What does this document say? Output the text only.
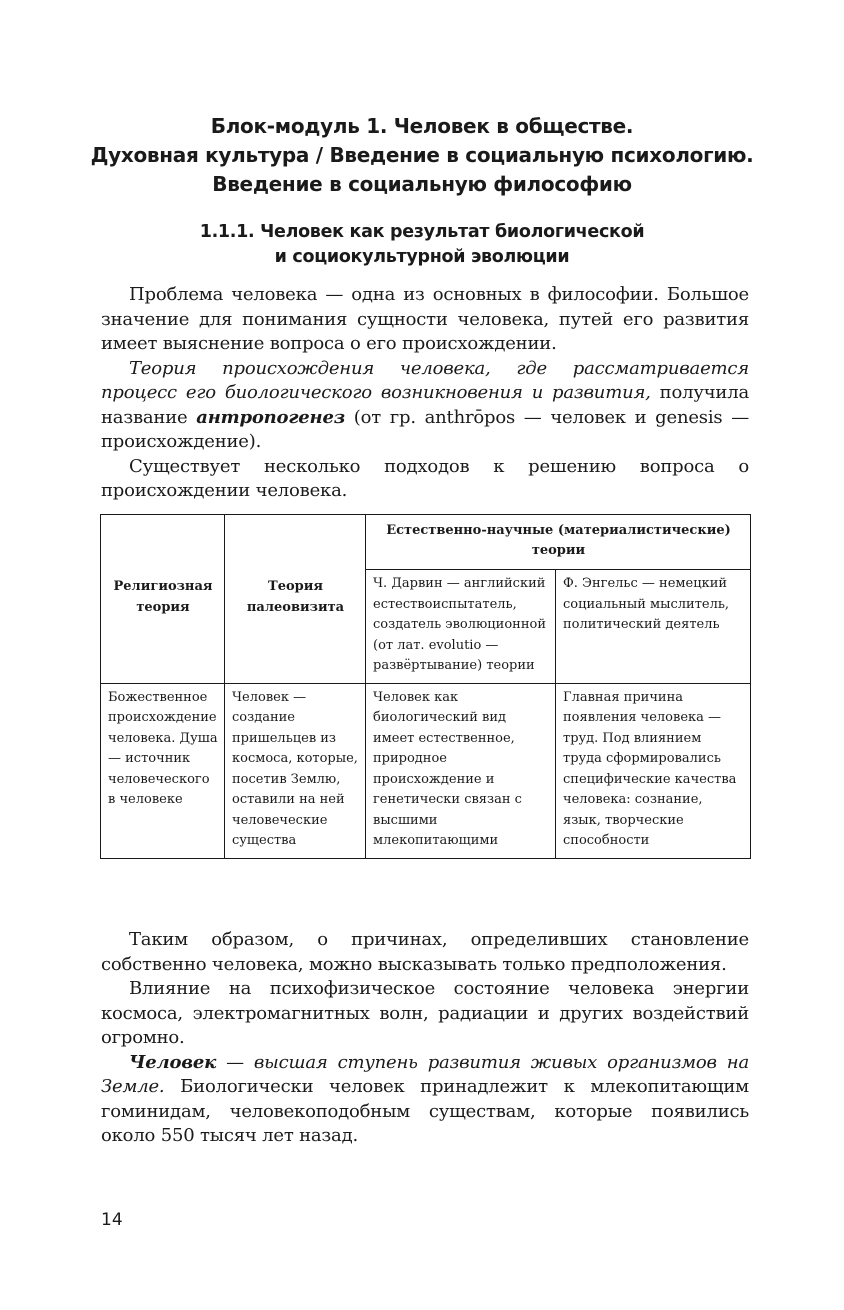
Блок-модуль 1. Человек в обществе.
Духовная культура / Введение в социальную психологию.
Введение в социальную философию
1.1.1. Человек как результат биологической
и социокультурной эволюции

Проблема человека — одна из основных в философии. Большое значение для понимания сущности человека, путей его развития имеет выяснение вопроса о его происхождении.

Теория происхождения человека, где рассматривается процесс его биологического возникновения и развития, получила название антропогенез (от гр. anthrōpos — человек и genesis — происхождение).

Существует несколько подходов к решению вопроса о происхождении человека.

Религиозная теория	Теория палеовизита	Естественно-научные (материалистические) теории	
		Ч. Дарвин — английский естествоиспытатель, создатель эволюционной (от лат. evolutio — развёртывание) теории	Ф. Энгельс — немецкий социальный мыслитель, политический деятель
Божественное происхождение человека. Душа — источник человеческого в человеке	Человек — создание пришельцев из космоса, которые, посетив Землю, оставили на ней человеческие существа	Человек как биологический вид имеет естественное, природное происхождение и генетически связан с высшими млекопитающими	Главная причина появления человека — труд. Под влиянием труда сформировались специфические качества человека: сознание, язык, творческие способности

Таким образом, о причинах, определивших становление собственно человека, можно высказывать только предположения.

Влияние на психофизическое состояние человека энергии космоса, электромагнитных волн, радиации и других воздействий огромно.

Человек — высшая ступень развития живых организмов на Земле. Биологически человек принадлежит к млекопитающим гоминидам, человекоподобным существам, которые появились около 550 тысяч лет назад.

14
